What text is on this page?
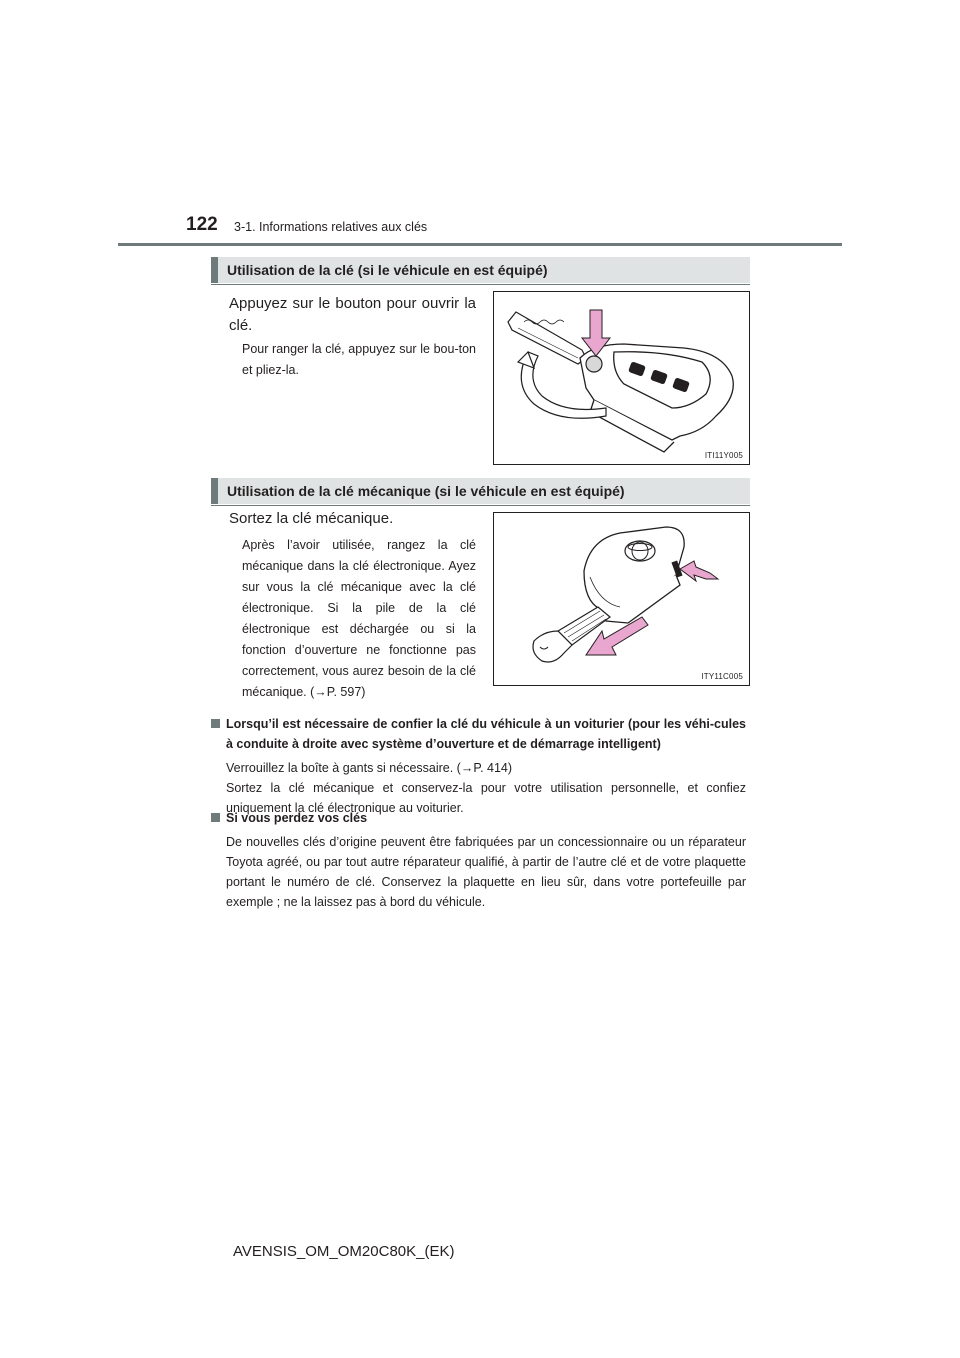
122 3-1. Informations relatives aux clés
Utilisation de la clé (si le véhicule en est équipé)
Appuyez sur le bouton pour ouvrir la clé.
Pour ranger la clé, appuyez sur le bou-ton et pliez-la.
ITI11Y005
Utilisation de la clé mécanique (si le véhicule en est équipé)
Sortez la clé mécanique.
Après l’avoir utilisée, rangez la clé mécanique dans la clé électronique. Ayez sur vous la clé mécanique avec la clé électronique. Si la pile de la clé électronique est déchargée ou si la fonction d’ouverture ne fonctionne pas correctement, vous aurez besoin de la clé mécanique. (→P. 597)
ITY11C005
Lorsqu’il est nécessaire de confier la clé du véhicule à un voiturier (pour les véhi-cules à conduite à droite avec système d’ouverture et de démarrage intelligent)
Verrouillez la boîte à gants si nécessaire. (→P. 414)
Sortez la clé mécanique et conservez-la pour votre utilisation personnelle, et confiez uniquement la clé électronique au voiturier.
Si vous perdez vos clés
De nouvelles clés d’origine peuvent être fabriquées par un concessionnaire ou un réparateur Toyota agréé, ou par tout autre réparateur qualifié, à partir de l’autre clé et de votre plaquette portant le numéro de clé. Conservez la plaquette en lieu sûr, dans votre portefeuille par exemple ; ne la laissez pas à bord du véhicule.
AVENSIS_OM_OM20C80K_(EK)
